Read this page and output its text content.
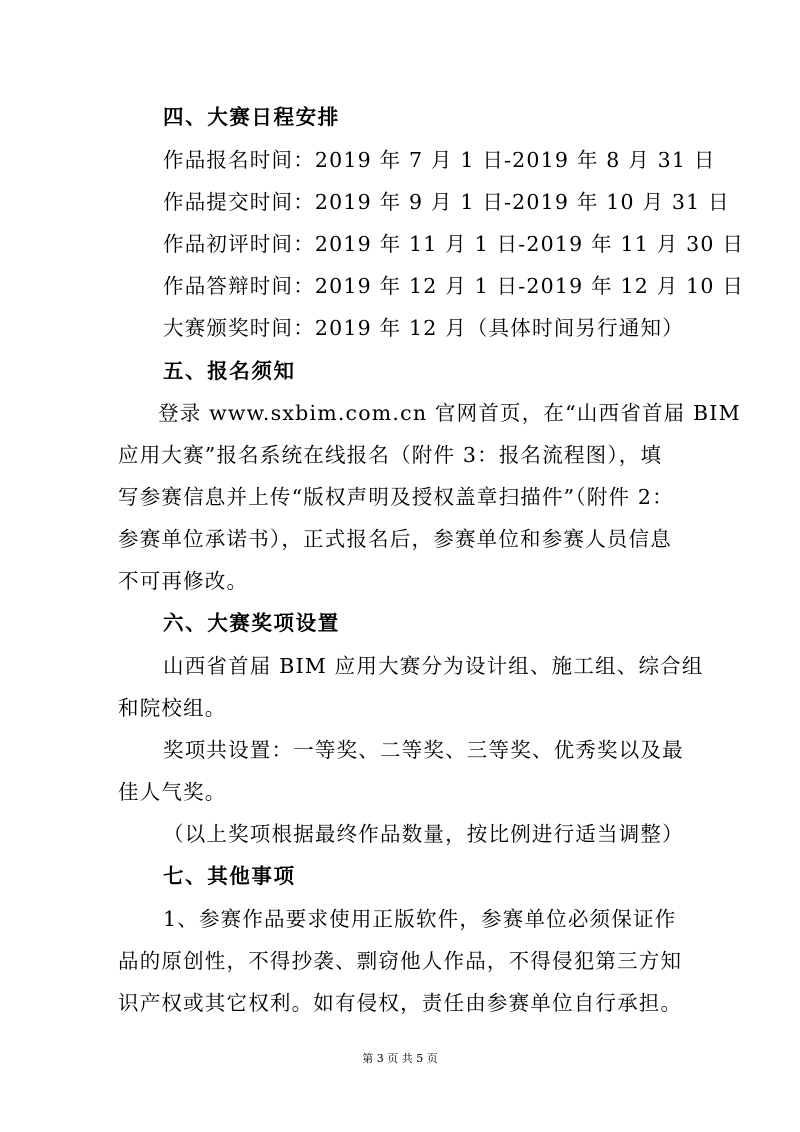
四、大赛日程安排
作品报名时间：2019 年 7 月 1 日-2019 年 8 月 31 日
作品提交时间：2019 年 9 月 1 日-2019 年 10 月 31 日
作品初评时间：2019 年 11 月 1 日-2019 年 11 月 30 日
作品答辩时间：2019 年 12 月 1 日-2019 年 12 月 10 日
大赛颁奖时间：2019 年 12 月（具体时间另行通知）
五、报名须知
登录 www.sxbim.com.cn 官网首页，在“山西省首届 BIM
应用大赛”报名系统在线报名（附件 3：报名流程图），填
写参赛信息并上传“版权声明及授权盖章扫描件”（附件 2：
参赛单位承诺书），正式报名后，参赛单位和参赛人员信息
不可再修改。
六、大赛奖项设置
山西省首届 BIM 应用大赛分为设计组、施工组、综合组
和院校组。
奖项共设置：一等奖、二等奖、三等奖、优秀奖以及最
佳人气奖。
（以上奖项根据最终作品数量，按比例进行适当调整）
七、其他事项
1、参赛作品要求使用正版软件，参赛单位必须保证作
品的原创性，不得抄袭、剽窃他人作品，不得侵犯第三方知
识产权或其它权利。如有侵权，责任由参赛单位自行承担。
第 3 页 共 5 页
